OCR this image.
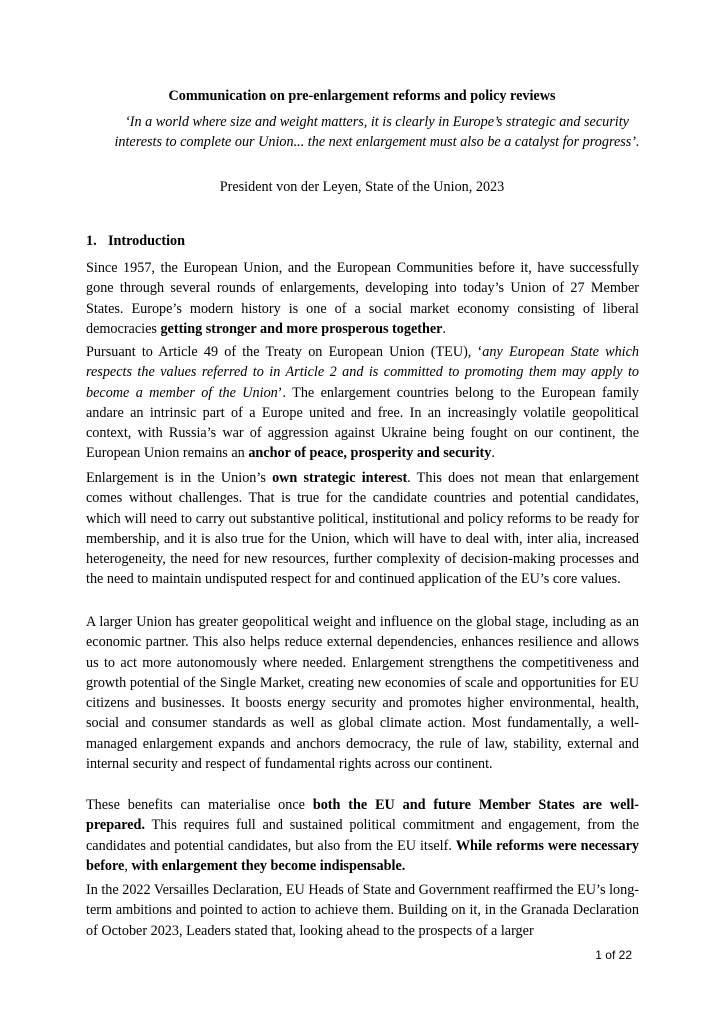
Communication on pre-enlargement reforms and policy reviews
‘In a world where size and weight matters, it is clearly in Europe’s strategic and security interests to complete our Union... the next enlargement must also be a catalyst for progress’.
President von der Leyen, State of the Union, 2023
1. Introduction

Since 1957, the European Union, and the European Communities before it, have successfully gone through several rounds of enlargements, developing into today’s Union of 27 Member States. Europe’s modern history is one of a social market economy consisting of liberal democracies getting stronger and more prosperous together.

Pursuant to Article 49 of the Treaty on European Union (TEU), ‘any European State which respects the values referred to in Article 2 and is committed to promoting them may apply to become a member of the Union’. The enlargement countries belong to the European family andare an intrinsic part of a Europe united and free. In an increasingly volatile geopolitical context, with Russia’s war of aggression against Ukraine being fought on our continent, the European Union remains an anchor of peace, prosperity and security.

Enlargement is in the Union’s own strategic interest. This does not mean that enlargement comes without challenges. That is true for the candidate countries and potential candidates, which will need to carry out substantive political, institutional and policy reforms to be ready for membership, and it is also true for the Union, which will have to deal with, inter alia, increased heterogeneity, the need for new resources, further complexity of decision-making processes and the need to maintain undisputed respect for and continued application of the EU’s core values.

A larger Union has greater geopolitical weight and influence on the global stage, including as an economic partner. This also helps reduce external dependencies, enhances resilience and allows us to act more autonomously where needed. Enlargement strengthens the competitiveness and growth potential of the Single Market, creating new economies of scale and opportunities for EU citizens and businesses. It boosts energy security and promotes higher environmental, health, social and consumer standards as well as global climate action. Most fundamentally, a well-managed enlargement expands and anchors democracy, the rule of law, stability, external and internal security and respect of fundamental rights across our continent.

These benefits can materialise once both the EU and future Member States are well-prepared. This requires full and sustained political commitment and engagement, from the candidates and potential candidates, but also from the EU itself. While reforms were necessary before, with enlargement they become indispensable.

In the 2022 Versailles Declaration, EU Heads of State and Government reaffirmed the EU’s long-term ambitions and pointed to action to achieve them. Building on it, in the Granada Declaration of October 2023, Leaders stated that, looking ahead to the prospects of a larger

1 of 22
